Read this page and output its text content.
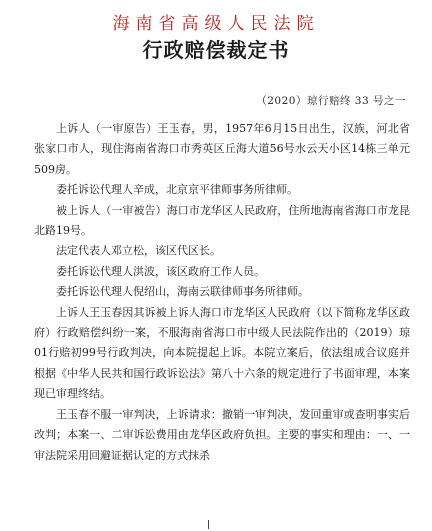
海南省高级人民法院
行政赔偿裁定书
（2020）琼行赔终 33 号之一

上诉人（一审原告）王玉春，男，1957年6月15日出生，汉族，河北省张家口市人，现住海南省海口市秀英区丘海大道56号水云天小区14栋三单元509房。

委托诉讼代理人辛成，北京京平律师事务所律师。

被上诉人（一审被告）海口市龙华区人民政府，住所地海南省海口市龙昆北路19号。

法定代表人邓立松，该区代区长。

委托诉讼代理人洪波，该区政府工作人员。

委托诉讼代理人倪绍山，海南云联律师事务所律师。

上诉人王玉春因其诉被上诉人海口市龙华区人民政府（以下简称龙华区政府）行政赔偿纠纷一案，不服海南省海口市中级人民法院作出的（2019）琼01行赔初99号行政判决，向本院提起上诉。本院立案后，依法组成合议庭并根据《中华人民共和国行政诉讼法》第八十六条的规定进行了书面审理，本案现已审理终结。

王玉春不服一审判决，上诉请求：撤销一审判决，发回重审或查明事实后改判；本案一、二审诉讼费用由龙华区政府负担。主要的事实和理由：一、一审法院采用回避证据认定的方式抹杀
